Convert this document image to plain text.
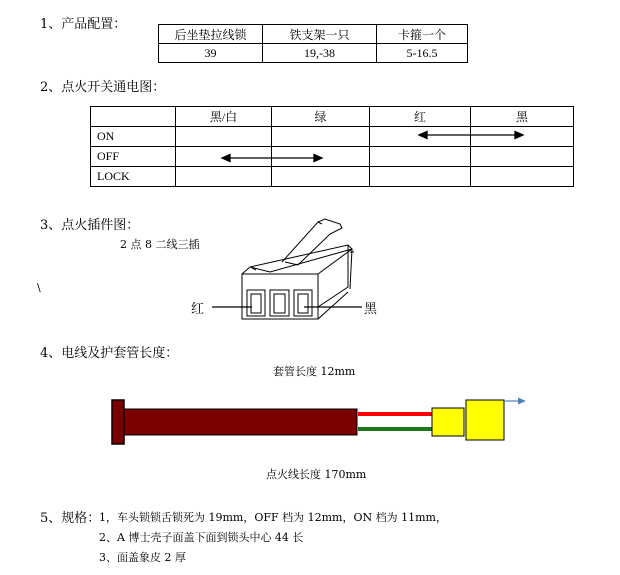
1、产品配置：
后坐垫拉线锁	铁支架一只	卡箍一个
39	19,-38	5-16.5
2、点火开关通电图：
	黑/白	绿	红	黑
ON				
OFF				
LOCK				
3、点火插件图：
2 点 8 二线三插
\
红	黑
4、电线及护套管长度：
套管长度 12mm
点火线长度 170mm
5、规格：
1，车头锁锁舌锁死为 19mm，OFF 档为 12mm，ON 档为 11mm，
2、A 博士壳子面盖下面到锁头中心 44 长
3、面盖象皮 2 厚
